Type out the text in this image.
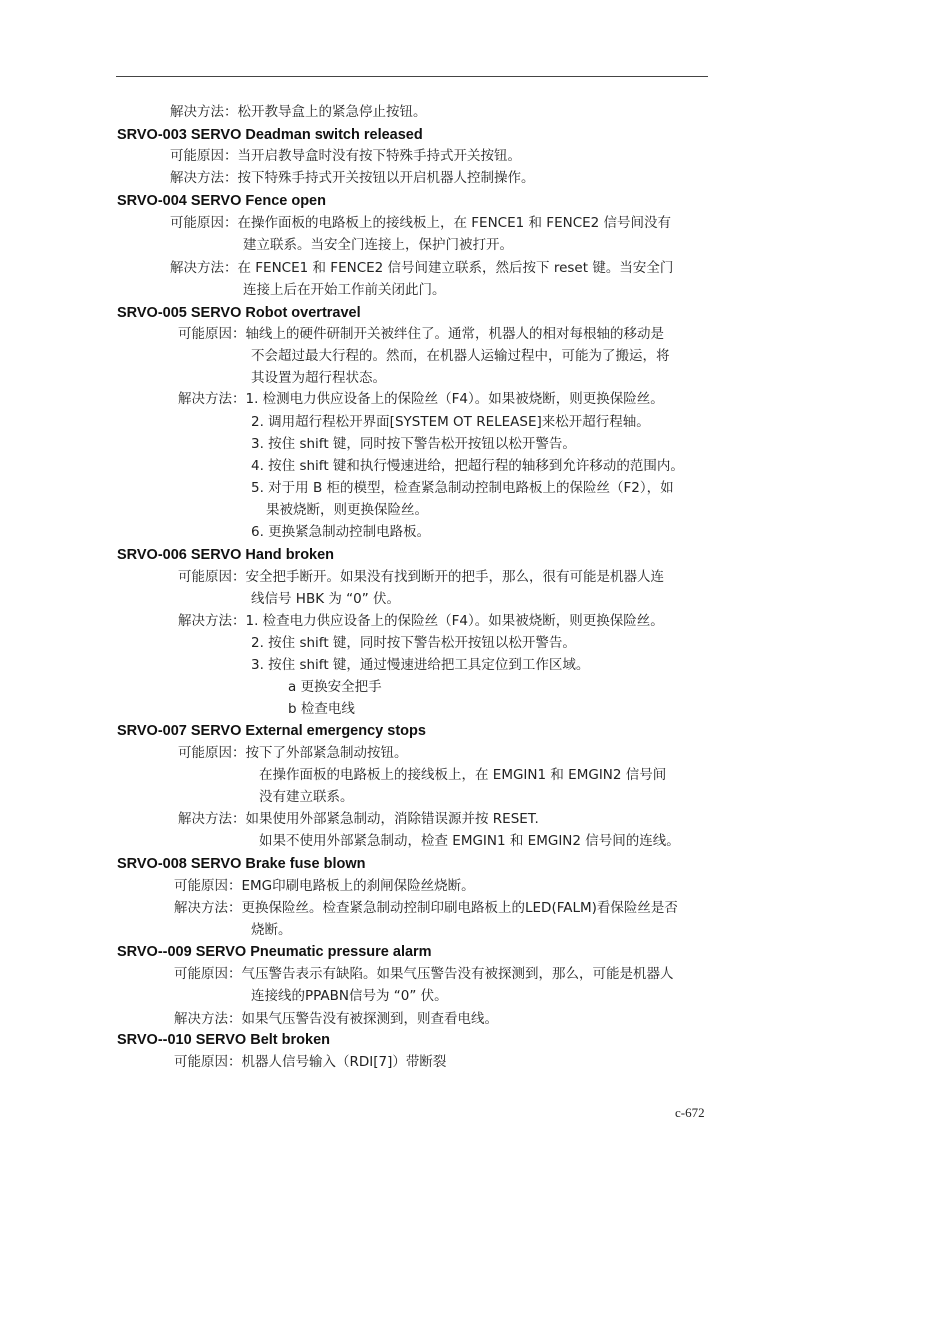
解决方法：松开教导盒上的紧急停止按钮。
SRVO-003 SERVO Deadman switch released
可能原因：当开启教导盒时没有按下特殊手持式开关按钮。
解决方法：按下特殊手持式开关按钮以开启机器人控制操作。
SRVO-004 SERVO Fence open
可能原因：在操作面板的电路板上的接线板上，在 FENCE1 和 FENCE2 信号间没有
建立联系。当安全门连接上，保护门被打开。
解决方法：在 FENCE1 和 FENCE2 信号间建立联系，然后按下 reset 键。当安全门
连接上后在开始工作前关闭此门。
SRVO-005 SERVO Robot overtravel
可能原因：轴线上的硬件研制开关被绊住了。通常，机器人的相对每根轴的移动是
不会超过最大行程的。然而，在机器人运输过程中，可能为了搬运，将
其设置为超行程状态。
解决方法：1. 检测电力供应设备上的保险丝（F4）。如果被烧断，则更换保险丝。
2. 调用超行程松开界面[SYSTEM OT RELEASE]来松开超行程轴。
3. 按住 shift 键，同时按下警告松开按钮以松开警告。
4. 按住 shift 键和执行慢速进给，把超行程的轴移到允许移动的范围内。
5. 对于用 B 柜的模型，检查紧急制动控制电路板上的保险丝（F2），如
果被烧断，则更换保险丝。
6. 更换紧急制动控制电路板。
SRVO-006 SERVO Hand broken
可能原因：安全把手断开。如果没有找到断开的把手，那么，很有可能是机器人连
线信号 HBK 为 “0” 伏。
解决方法：1. 检查电力供应设备上的保险丝（F4）。如果被烧断，则更换保险丝。
2. 按住 shift 键，同时按下警告松开按钮以松开警告。
3. 按住 shift 键，通过慢速进给把工具定位到工作区域。
a 更换安全把手
b 检查电线
SRVO-007 SERVO External emergency stops
可能原因：按下了外部紧急制动按钮。
在操作面板的电路板上的接线板上，在 EMGIN1 和 EMGIN2 信号间
没有建立联系。
解决方法：如果使用外部紧急制动，消除错误源并按 RESET.
如果不使用外部紧急制动，检查 EMGIN1 和 EMGIN2 信号间的连线。
SRVO-008 SERVO Brake fuse blown
可能原因：EMG印刷电路板上的刹闸保险丝烧断。
解决方法：更换保险丝。检查紧急制动控制印刷电路板上的LED(FALM)看保险丝是否
烧断。
SRVO--009 SERVO Pneumatic pressure alarm
可能原因：气压警告表示有缺陷。如果气压警告没有被探测到，那么，可能是机器人
连接线的PPABN信号为 “0” 伏。
解决方法：如果气压警告没有被探测到，则查看电线。
SRVO--010 SERVO Belt broken
可能原因：机器人信号输入（RDI[7]）带断裂
c-672
